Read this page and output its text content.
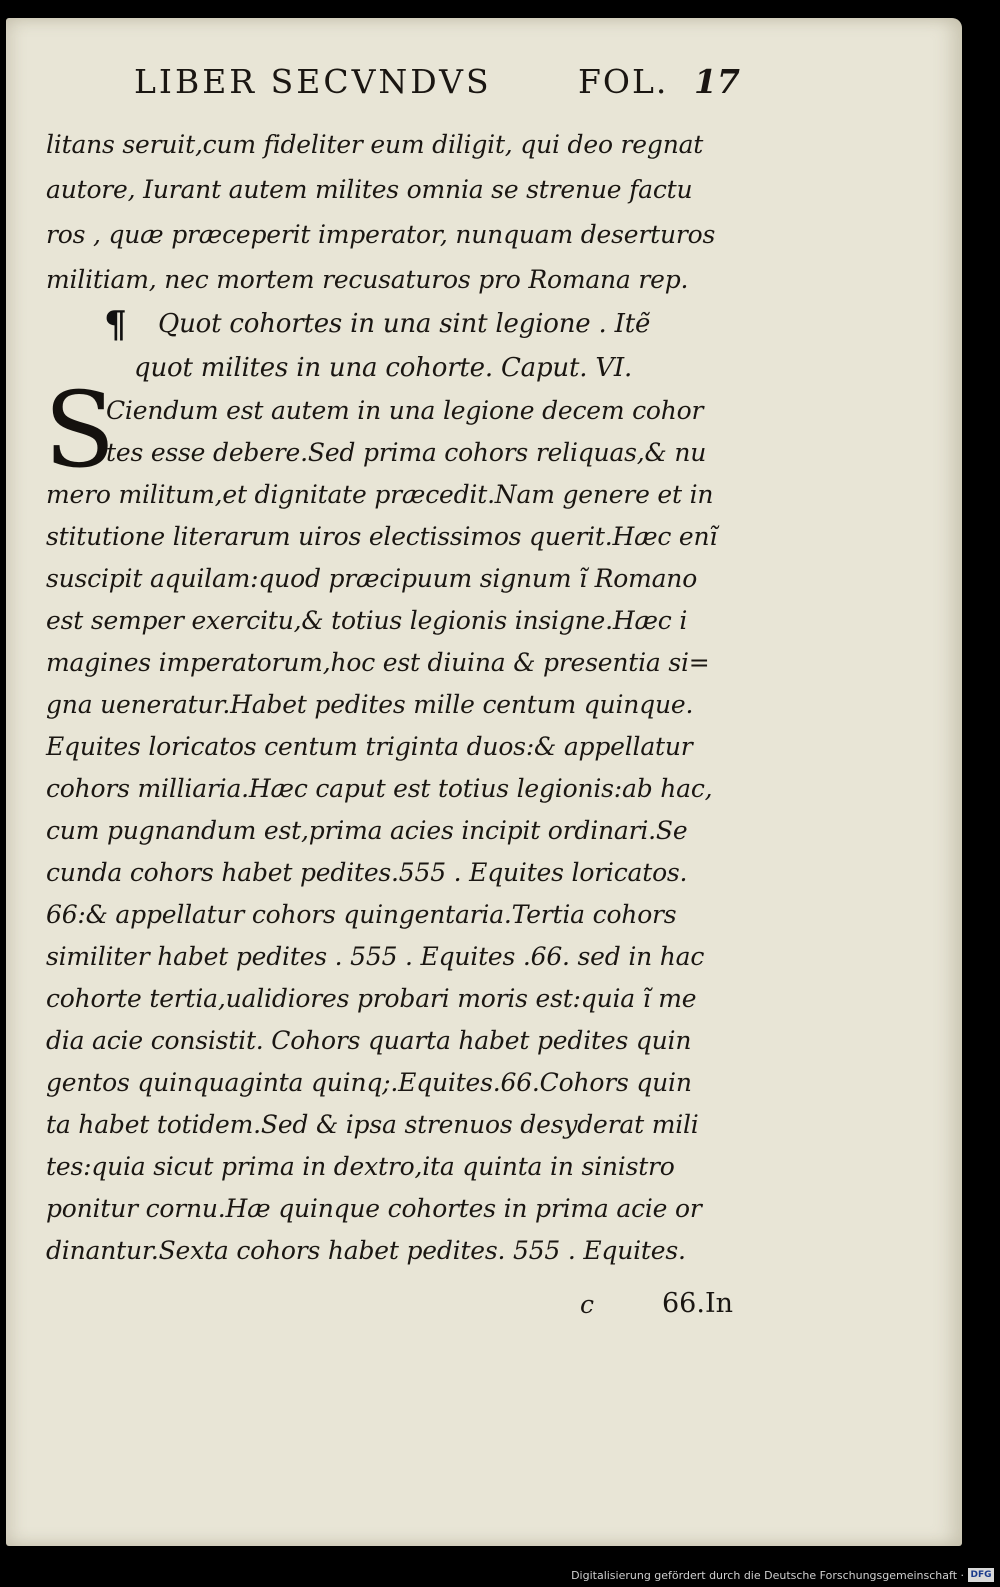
LIBER SECVNDVS	FOL. 17
¶
S
litans seruit,cum fideliter eum diligit, qui deo regnat
autore, Iurant autem milites omnia se strenue factu
ros , quæ præceperit imperator, nunquam deserturos
militiam, nec mortem recusaturos pro Romana rep.
Quot cohortes in una sint legione . Itẽ
quot milites in una cohorte. Caput. VI.
Ciendum est autem in una legione decem cohor
tes esse debere.Sed prima cohors reliquas,& nu
mero militum,et dignitate præcedit.Nam genere et in
stitutione literarum uiros electissimos querit.Hæc enĩ
suscipit aquilam:quod præcipuum signum ĩ Romano
est semper exercitu,& totius legionis insigne.Hæc i
magines imperatorum,hoc est diuina & presentia si=
gna ueneratur.Habet pedites mille centum quinque.
Equites loricatos centum triginta duos:& appellatur
cohors milliaria.Hæc caput est totius legionis:ab hac,
cum pugnandum est,prima acies incipit ordinari.Se
cunda cohors habet pedites.555 . Equites loricatos.
66:& appellatur cohors quingentaria.Tertia cohors
similiter habet pedites . 555 . Equites .66. sed in hac
cohorte tertia,ualidiores probari moris est:quia ĩ me
dia acie consistit. Cohors quarta habet pedites quin
gentos quinquaginta quinq;.Equites.66.Cohors quin
ta habet totidem.Sed & ipsa strenuos desyderat mili
tes:quia sicut prima in dextro,ita quinta in sinistro
ponitur cornu.Hæ quinque cohortes in prima acie or
dinantur.Sexta cohors habet pedites. 555 . Equites.
c	66.In
Digitalisierung gefördert durch die Deutsche Forschungsgemeinschaft · DFG
